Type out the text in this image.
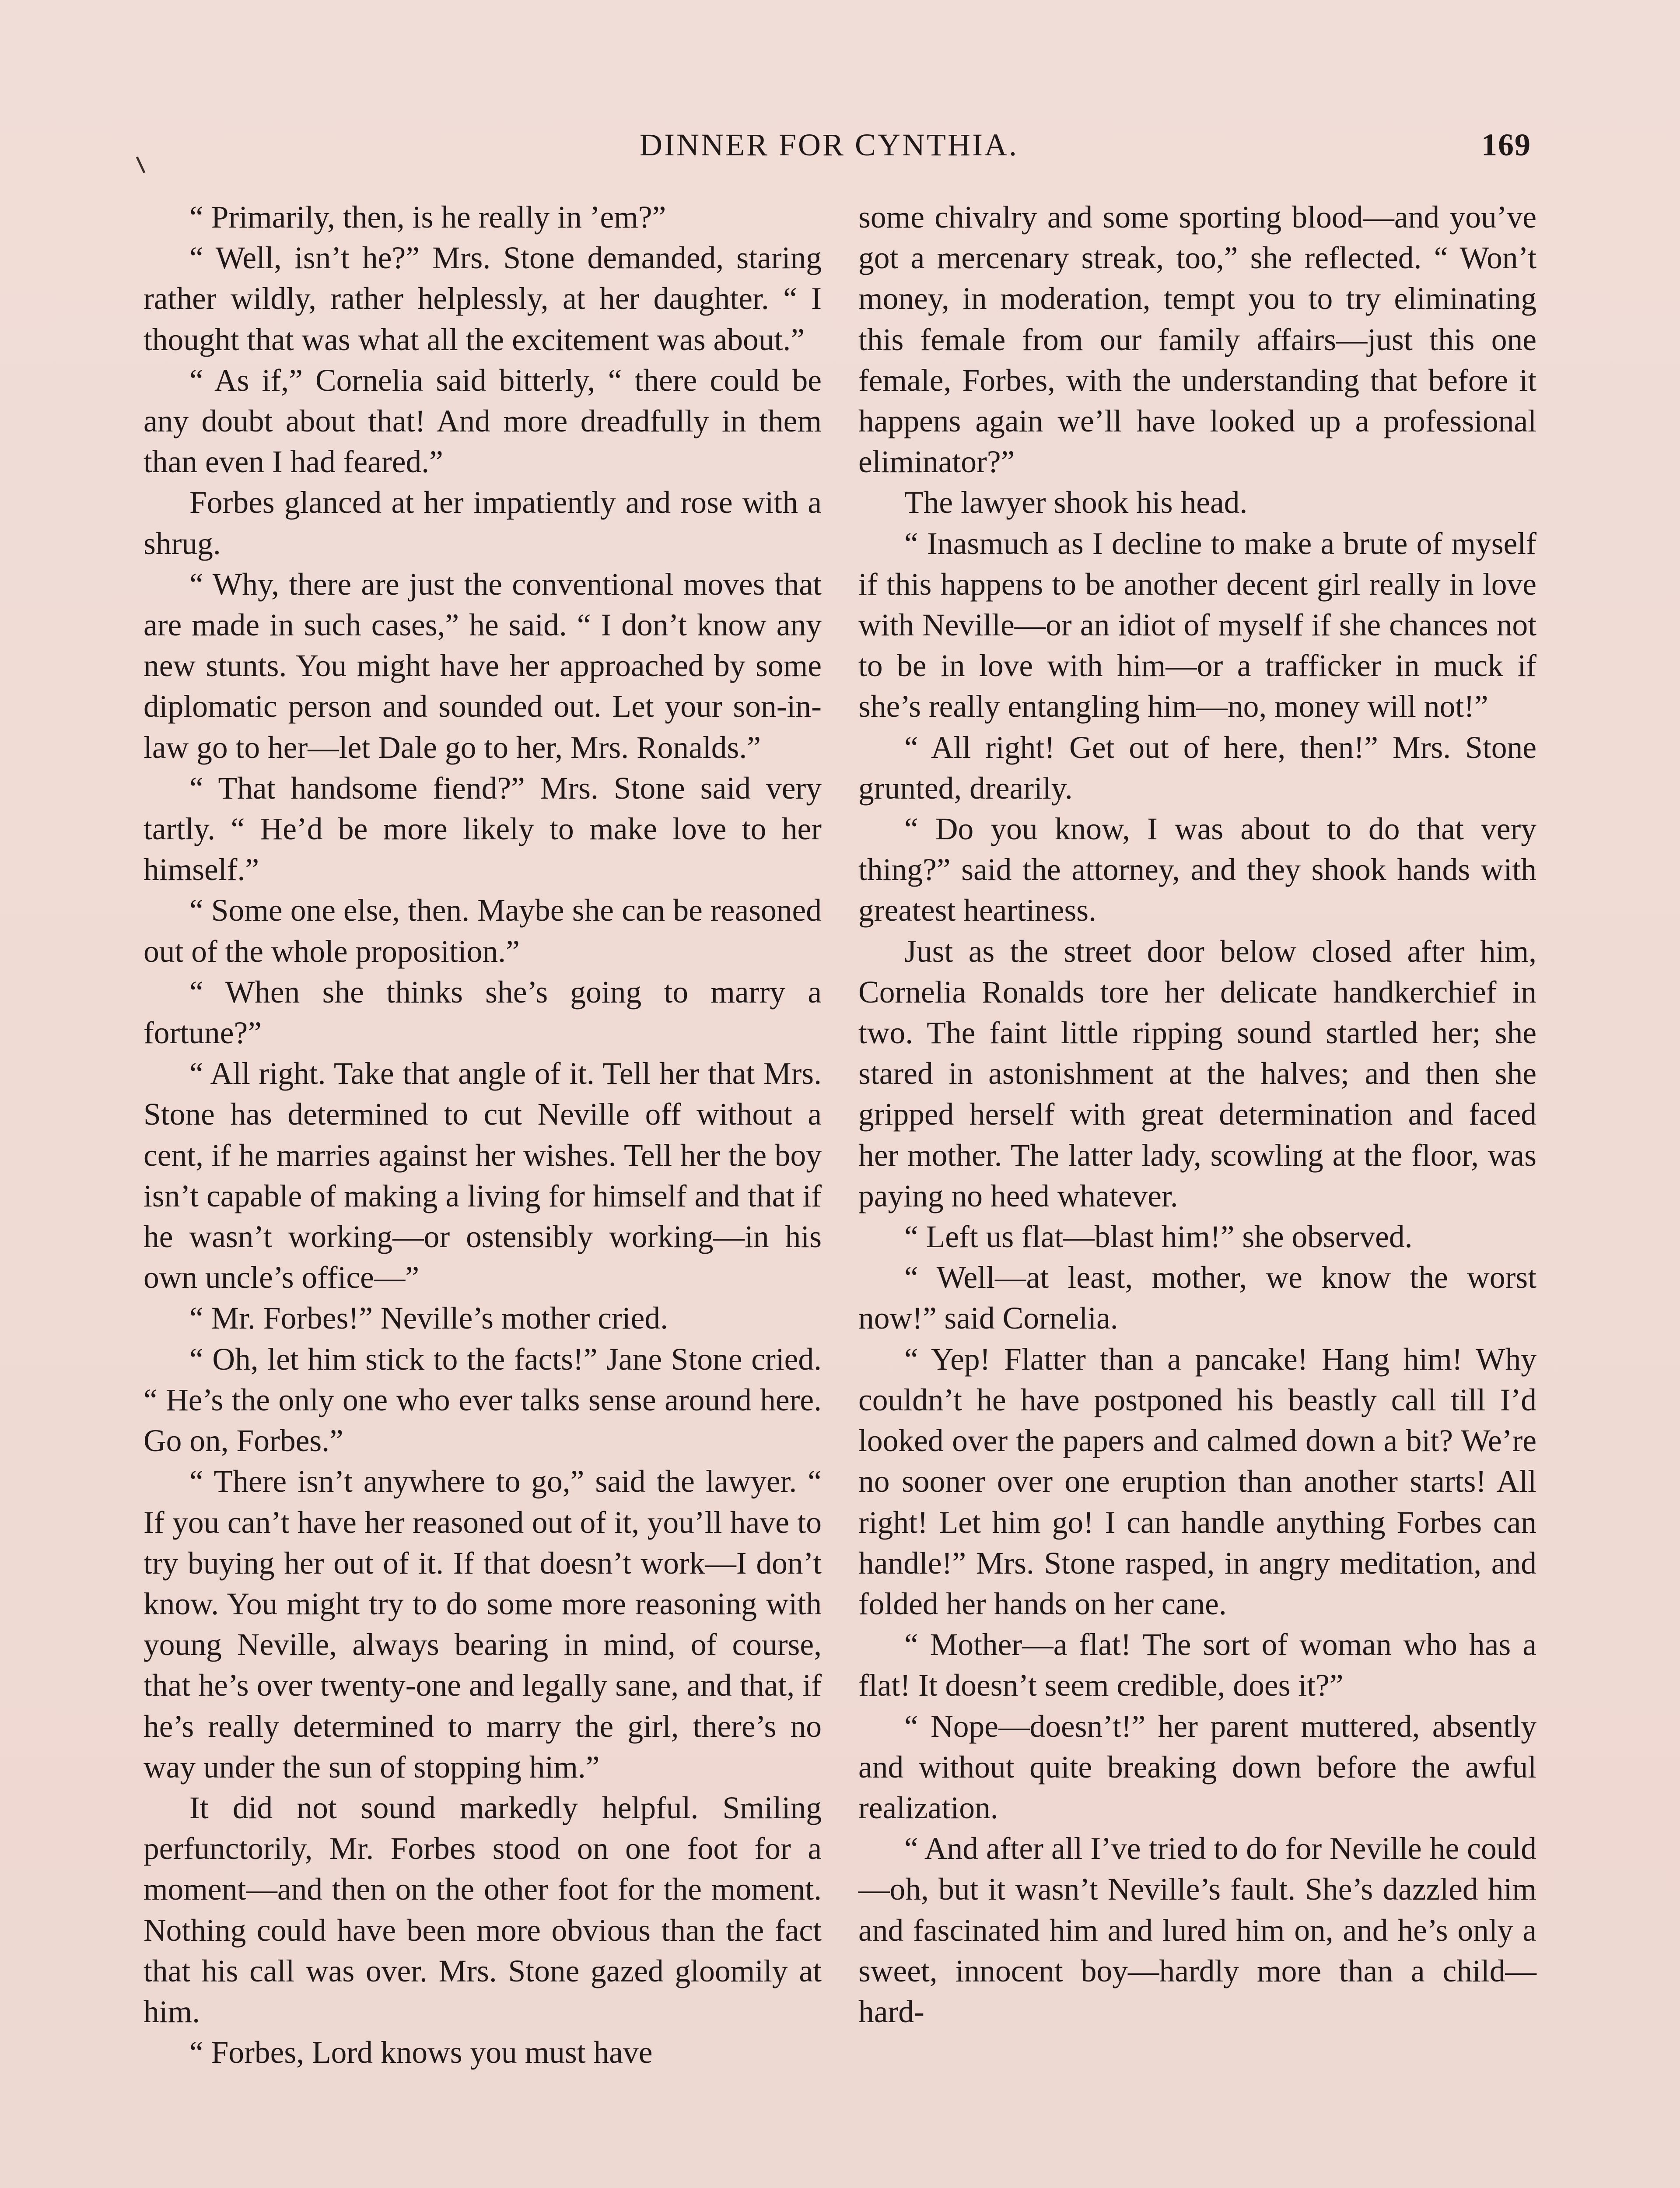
DINNER FOR CYNTHIA.	169

“ Primarily, then, is he really in ’em?”

“ Well, isn’t he?” Mrs. Stone demanded, staring rather wildly, rather helplessly, at her daughter. “ I thought that was what all the excitement was about.”

“ As if,” Cornelia said bitterly, “ there could be any doubt about that! And more dreadfully in them than even I had feared.”

Forbes glanced at her impatiently and rose with a shrug.

“ Why, there are just the conventional moves that are made in such cases,” he said. “ I don’t know any new stunts. You might have her approached by some diplomatic person and sounded out. Let your son-in-law go to her—let Dale go to her, Mrs. Ronalds.”

“ That handsome fiend?” Mrs. Stone said very tartly. “ He’d be more likely to make love to her himself.”

“ Some one else, then. Maybe she can be reasoned out of the whole proposition.”

“ When she thinks she’s going to marry a fortune?”

“ All right. Take that angle of it. Tell her that Mrs. Stone has determined to cut Neville off without a cent, if he marries against her wishes. Tell her the boy isn’t capable of making a living for himself and that if he wasn’t working—or ostensibly working—in his own uncle’s office—”

“ Mr. Forbes!” Neville’s mother cried.

“ Oh, let him stick to the facts!” Jane Stone cried. “ He’s the only one who ever talks sense around here. Go on, Forbes.”

“ There isn’t anywhere to go,” said the lawyer. “ If you can’t have her reasoned out of it, you’ll have to try buying her out of it. If that doesn’t work—I don’t know. You might try to do some more reasoning with young Neville, always bearing in mind, of course, that he’s over twenty-one and legally sane, and that, if he’s really determined to marry the girl, there’s no way under the sun of stopping him.”

It did not sound markedly helpful. Smiling perfunctorily, Mr. Forbes stood on one foot for a moment—and then on the other foot for the moment. Nothing could have been more obvious than the fact that his call was over. Mrs. Stone gazed gloomily at him.

“ Forbes, Lord knows you must have

some chivalry and some sporting blood—and you’ve got a mercenary streak, too,” she reflected. “ Won’t money, in moderation, tempt you to try eliminating this female from our family affairs—just this one female, Forbes, with the understanding that before it happens again we’ll have looked up a professional eliminator?”

The lawyer shook his head.

“ Inasmuch as I decline to make a brute of myself if this happens to be another decent girl really in love with Neville—or an idiot of myself if she chances not to be in love with him—or a trafficker in muck if she’s really entangling him—no, money will not!”

“ All right! Get out of here, then!” Mrs. Stone grunted, drearily.

“ Do you know, I was about to do that very thing?” said the attorney, and they shook hands with greatest heartiness.

Just as the street door below closed after him, Cornelia Ronalds tore her delicate handkerchief in two. The faint little ripping sound startled her; she stared in astonishment at the halves; and then she gripped herself with great determination and faced her mother. The latter lady, scowling at the floor, was paying no heed whatever.

“ Left us flat—blast him!” she observed.

“ Well—at least, mother, we know the worst now!” said Cornelia.

“ Yep! Flatter than a pancake! Hang him! Why couldn’t he have postponed his beastly call till I’d looked over the papers and calmed down a bit? We’re no sooner over one eruption than another starts! All right! Let him go! I can handle anything Forbes can handle!” Mrs. Stone rasped, in angry meditation, and folded her hands on her cane.

“ Mother—a flat! The sort of woman who has a flat! It doesn’t seem credible, does it?”

“ Nope—doesn’t!” her parent muttered, absently and without quite breaking down before the awful realization.

“ And after all I’ve tried to do for Neville he could—oh, but it wasn’t Neville’s fault. She’s dazzled him and fascinated him and lured him on, and he’s only a sweet, innocent boy—hardly more than a child—hard-
